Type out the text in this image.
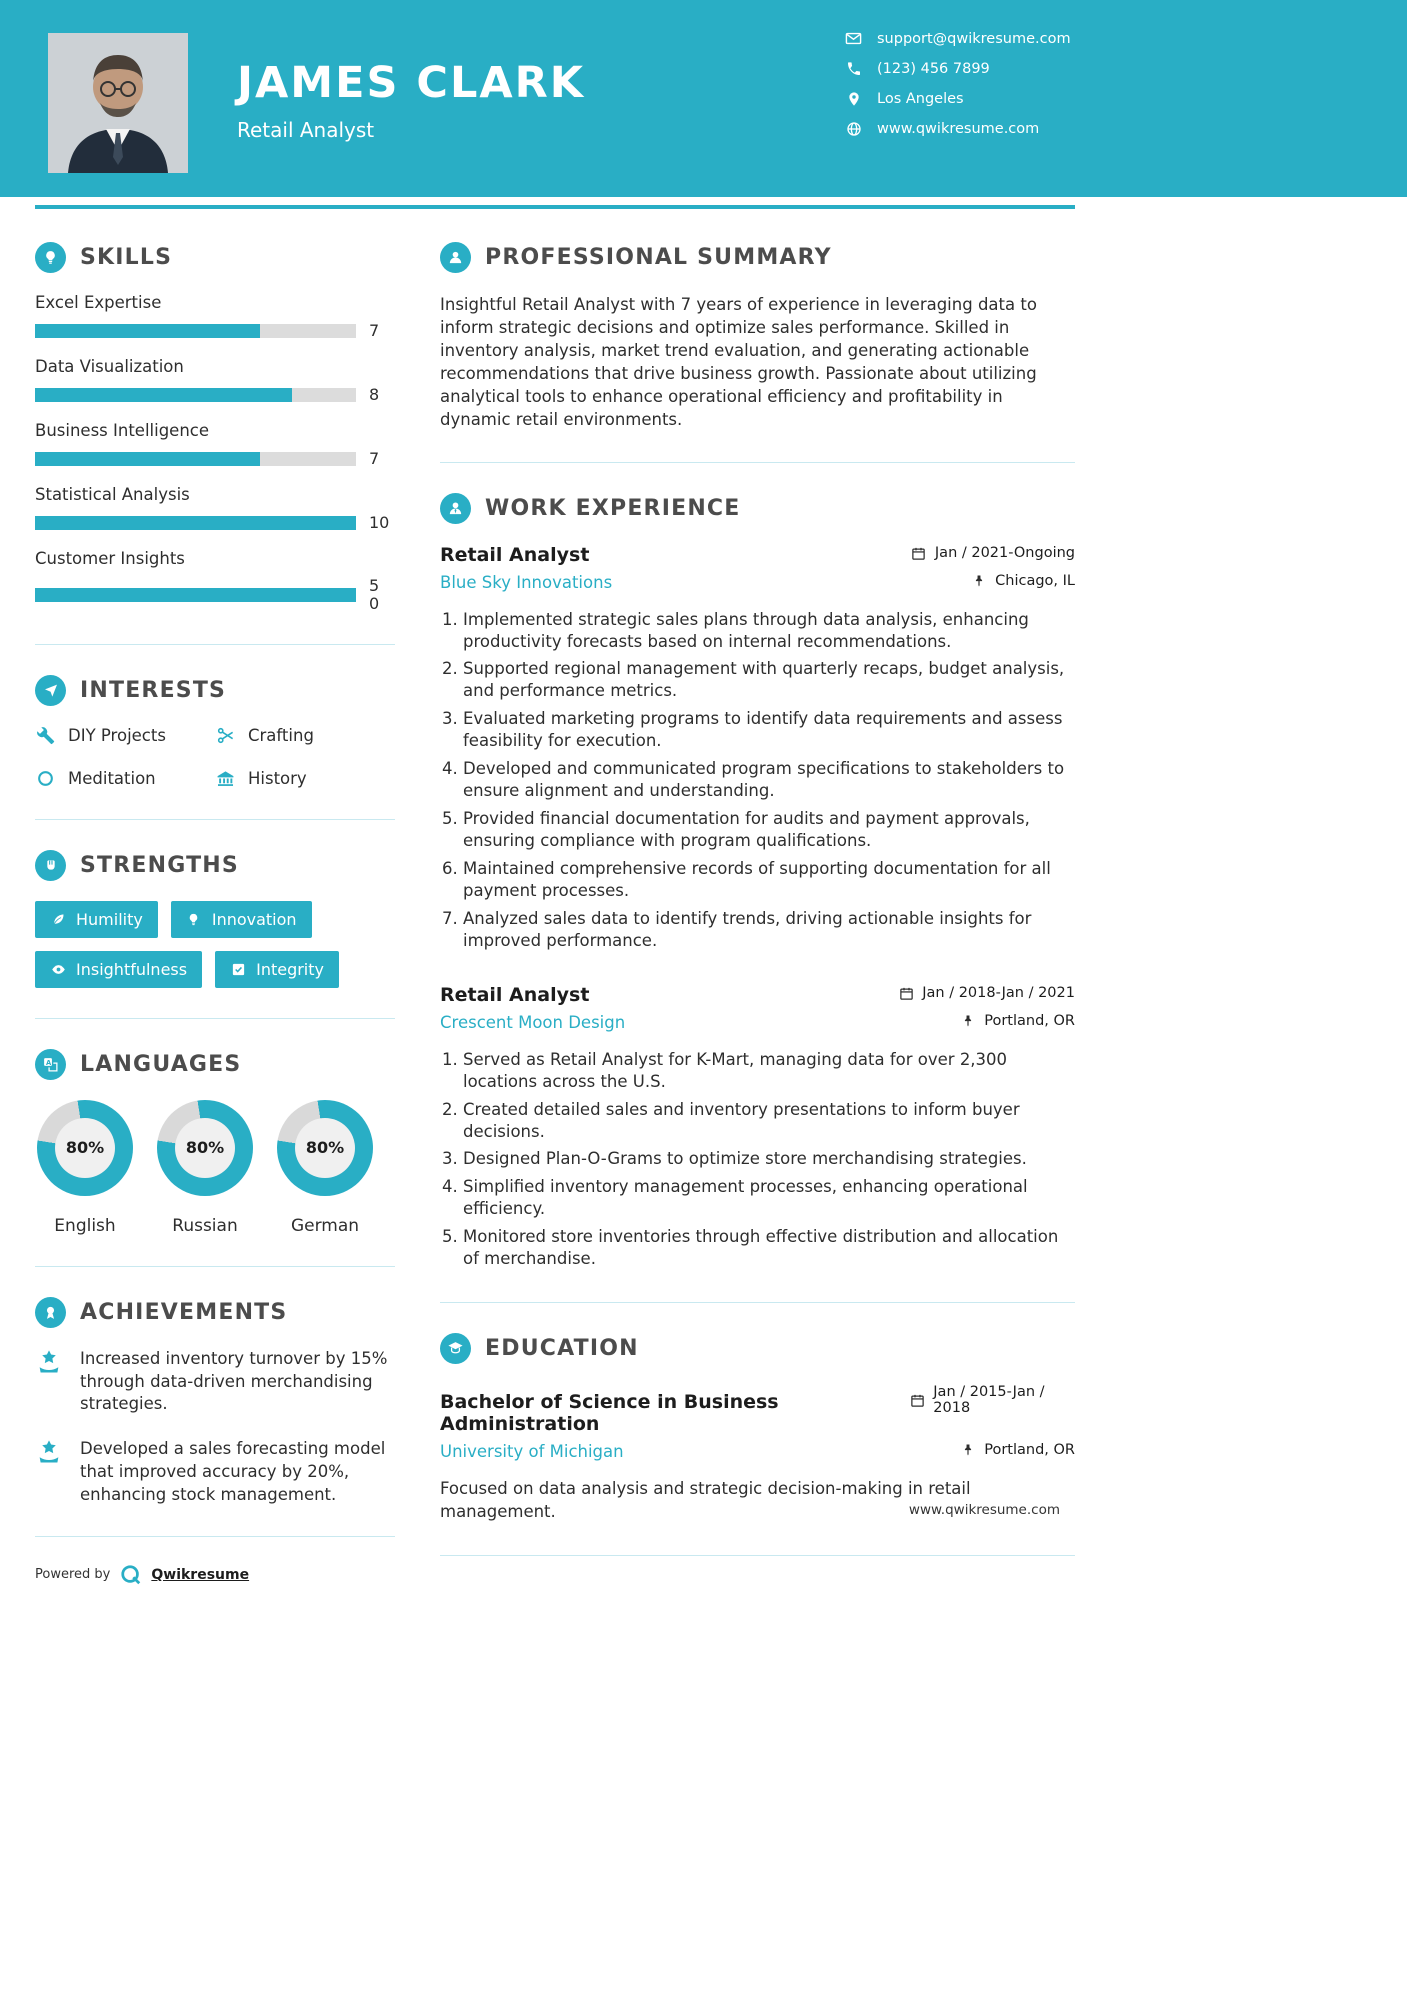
JAMES CLARK
Retail Analyst
support@qwikresume.com
(123) 456 7899
Los Angeles
www.qwikresume.com
SKILLS
Excel Expertise
7
Data Visualization
8
Business Intelligence
7
Statistical Analysis
10
Customer Insights
5
0
INTERESTS
DIY Projects	Crafting
Meditation	History
STRENGTHS
Humility	Innovation
Insightfulness	Integrity
A LANGUAGES
80%
English
80%
Russian
80%
German
ACHIEVEMENTS
Increased inventory turnover by 15% through data-driven merchandising strategies.
Developed a sales forecasting model that improved accuracy by 20%, enhancing stock management.
Powered by	Qwikresume
PROFESSIONAL SUMMARY

Insightful Retail Analyst with 7 years of experience in leveraging data to inform strategic decisions and optimize sales performance. Skilled in inventory analysis, market trend evaluation, and generating actionable recommendations that drive business growth. Passionate about utilizing analytical tools to enhance operational efficiency and profitability in dynamic retail environments.

WORK EXPERIENCE
Retail Analyst	Jan / 2021-Ongoing
Blue Sky Innovations	Chicago, IL
1. Implemented strategic sales plans through data analysis, enhancing productivity forecasts based on internal recommendations.
2. Supported regional management with quarterly recaps, budget analysis, and performance metrics.
3. Evaluated marketing programs to identify data requirements and assess feasibility for execution.
4. Developed and communicated program specifications to stakeholders to ensure alignment and understanding.
5. Provided financial documentation for audits and payment approvals, ensuring compliance with program qualifications.
6. Maintained comprehensive records of supporting documentation for all payment processes.
7. Analyzed sales data to identify trends, driving actionable insights for improved performance.
Retail Analyst	Jan / 2018-Jan / 2021
Crescent Moon Design	Portland, OR
1. Served as Retail Analyst for K-Mart, managing data for over 2,300 locations across the U.S.
2. Created detailed sales and inventory presentations to inform buyer decisions.
3. Designed Plan-O-Grams to optimize store merchandising strategies.
4. Simplified inventory management processes, enhancing operational efficiency.
5. Monitored store inventories through effective distribution and allocation of merchandise.
EDUCATION
Bachelor of Science in Business Administration
Jan / 2015-Jan / 2018
University of Michigan	Portland, OR
Focused on data analysis and strategic decision-making in retail management.	www.qwikresume.com
